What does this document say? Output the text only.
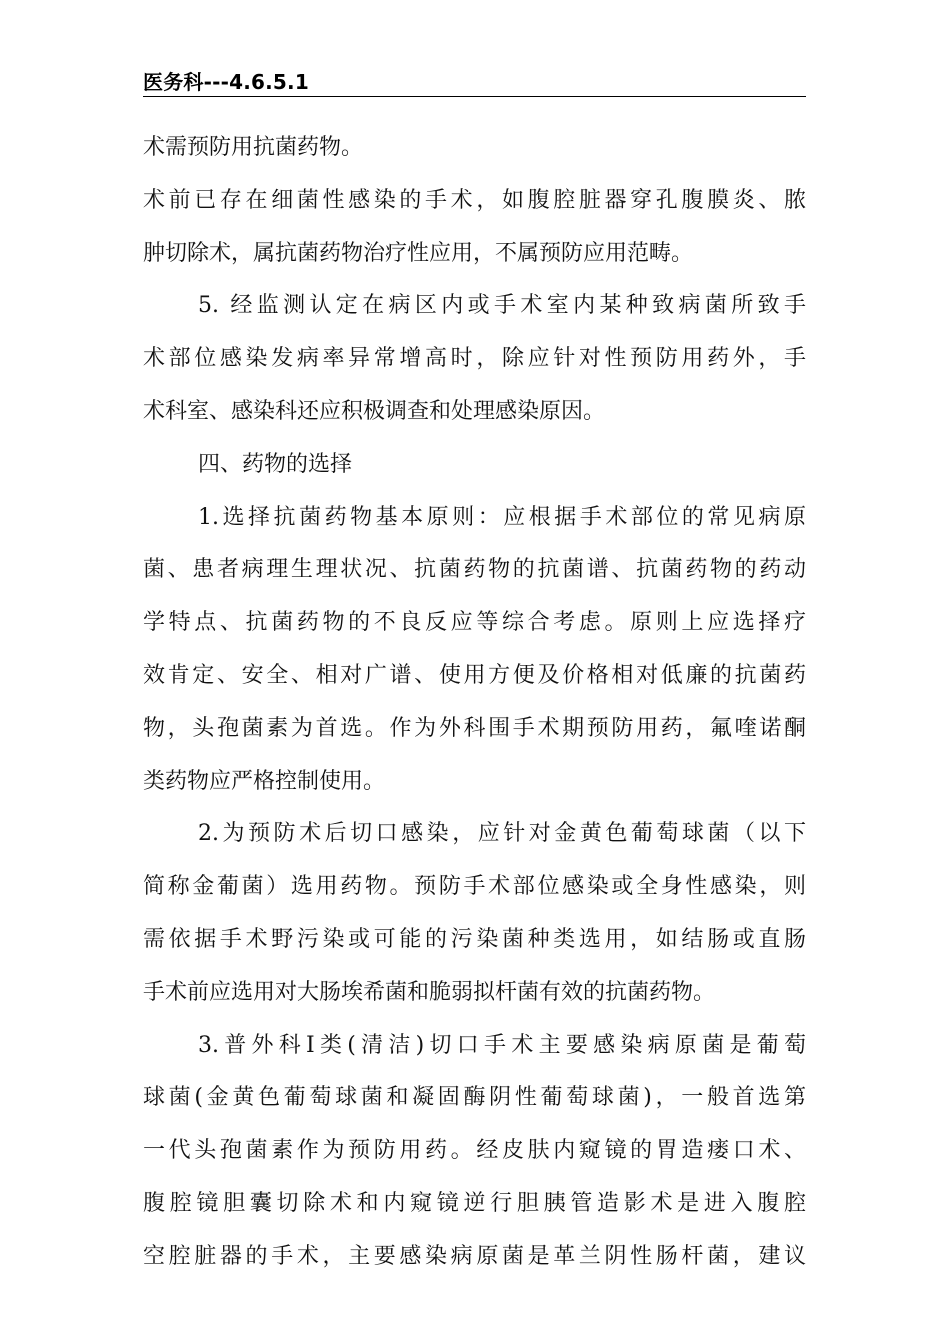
医务科---4.6.5.1
术需预防用抗菌药物。
术前已存在细菌性感染的手术，如腹腔脏器穿孔腹膜炎、脓
肿切除术，属抗菌药物治疗性应用，不属预防应用范畴。
5. 经监测认定在病区内或手术室内某种致病菌所致手
术部位感染发病率异常增高时，除应针对性预防用药外，手
术科室、感染科还应积极调查和处理感染原因。
四、药物的选择
1.选择抗菌药物基本原则：应根据手术部位的常见病原
菌、患者病理生理状况、抗菌药物的抗菌谱、抗菌药物的药动
学特点、抗菌药物的不良反应等综合考虑。原则上应选择疗
效肯定、安全、相对广谱、使用方便及价格相对低廉的抗菌药
物，头孢菌素为首选。作为外科围手术期预防用药，氟喹诺酮
类药物应严格控制使用。
2.为预防术后切口感染，应针对金黄色葡萄球菌（以下
简称金葡菌）选用药物。预防手术部位感染或全身性感染，则
需依据手术野污染或可能的污染菌种类选用，如结肠或直肠
手术前应选用对大肠埃希菌和脆弱拟杆菌有效的抗菌药物。
3.普外科Ⅰ类(清洁)切口手术主要感染病原菌是葡萄
球菌(金黄色葡萄球菌和凝固酶阴性葡萄球菌)，一般首选第
一代头孢菌素作为预防用药。经皮肤内窥镜的胃造瘘口术、
腹腔镜胆囊切除术和内窥镜逆行胆胰管造影术是进入腹腔
空腔脏器的手术，主要感染病原菌是革兰阴性肠杆菌，建议
